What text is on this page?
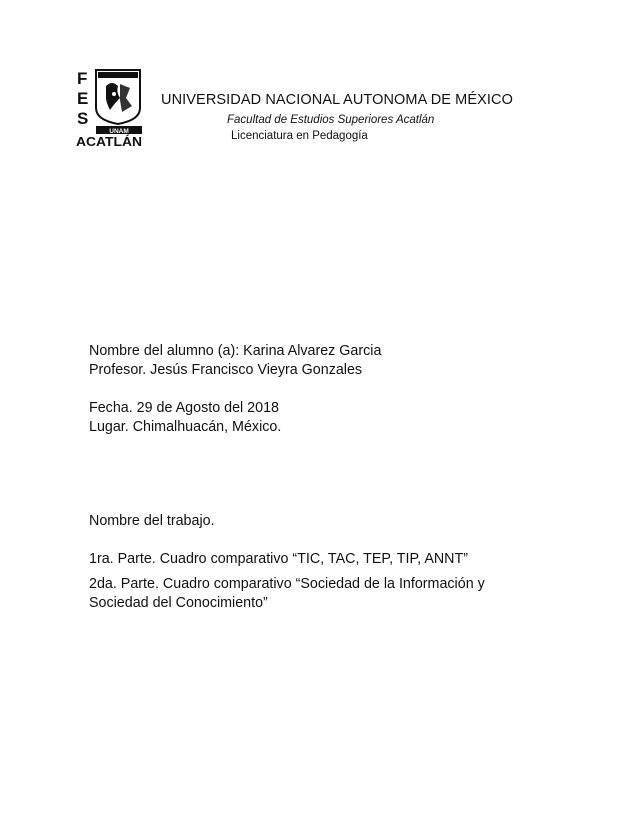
F
E
S
UNAM
ACATLÁN
UNIVERSIDAD NACIONAL AUTONOMA DE MÉXICO
Facultad de Estudios Superiores Acatlán
Licenciatura en Pedagogía
Nombre del alumno (a): Karina Alvarez Garcia
Profesor. Jesús Francisco Vieyra Gonzales
Fecha. 29 de Agosto del 2018
Lugar. Chimalhuacán, México.
Nombre del trabajo.
1ra. Parte. Cuadro comparativo “TIC, TAC, TEP, TIP, ANNT”
2da. Parte. Cuadro comparativo “Sociedad de la Información y
Sociedad del Conocimiento”
